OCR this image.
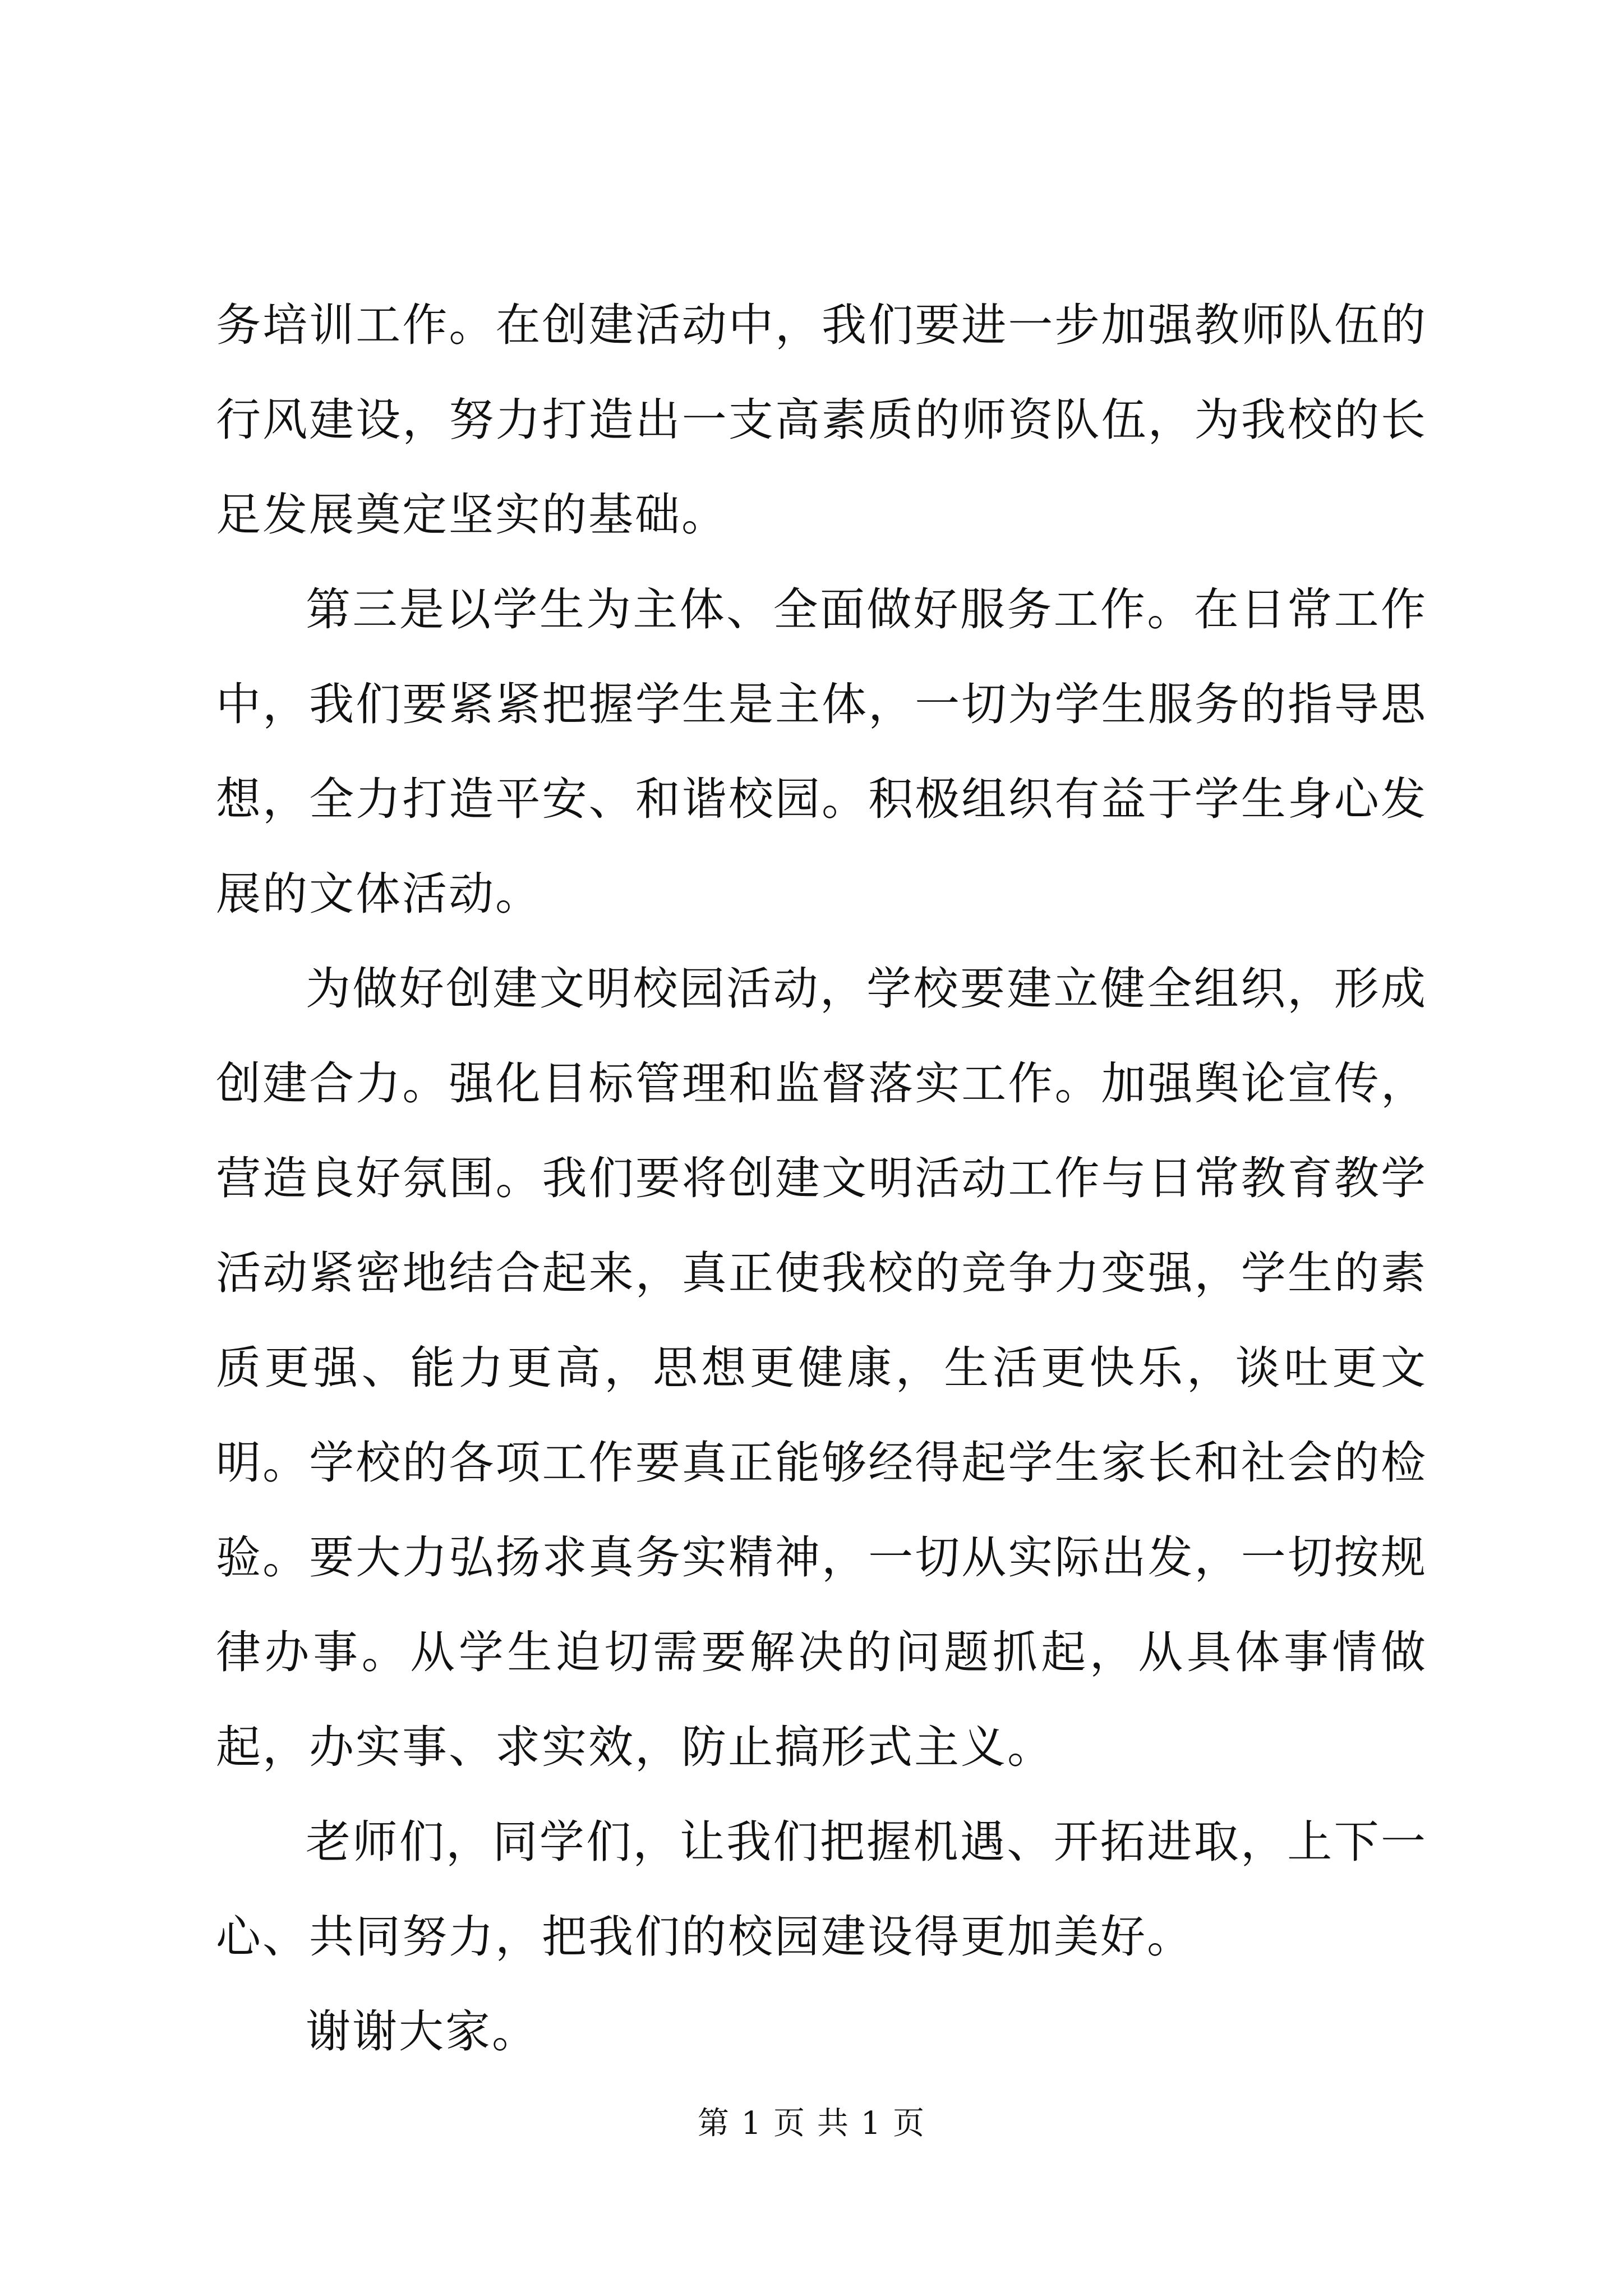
务培训工作。在创建活动中，我们要进一步加强教师队伍的行风建设，努力打造出一支高素质的师资队伍，为我校的长足发展奠定坚实的基础。

第三是以学生为主体、全面做好服务工作。在日常工作中，我们要紧紧把握学生是主体，一切为学生服务的指导思想，全力打造平安、和谐校园。积极组织有益于学生身心发展的文体活动。

为做好创建文明校园活动，学校要建立健全组织，形成创建合力。强化目标管理和监督落实工作。加强舆论宣传，营造良好氛围。我们要将创建文明活动工作与日常教育教学活动紧密地结合起来，真正使我校的竞争力变强，学生的素质更强、能力更高，思想更健康，生活更快乐，谈吐更文明。学校的各项工作要真正能够经得起学生家长和社会的检验。要大力弘扬求真务实精神，一切从实际出发，一切按规律办事。从学生迫切需要解决的问题抓起，从具体事情做起，办实事、求实效，防止搞形式主义。

老师们，同学们，让我们把握机遇、开拓进取，上下一心、共同努力，把我们的校园建设得更加美好。

谢谢大家。

第 1 页 共 1 页
